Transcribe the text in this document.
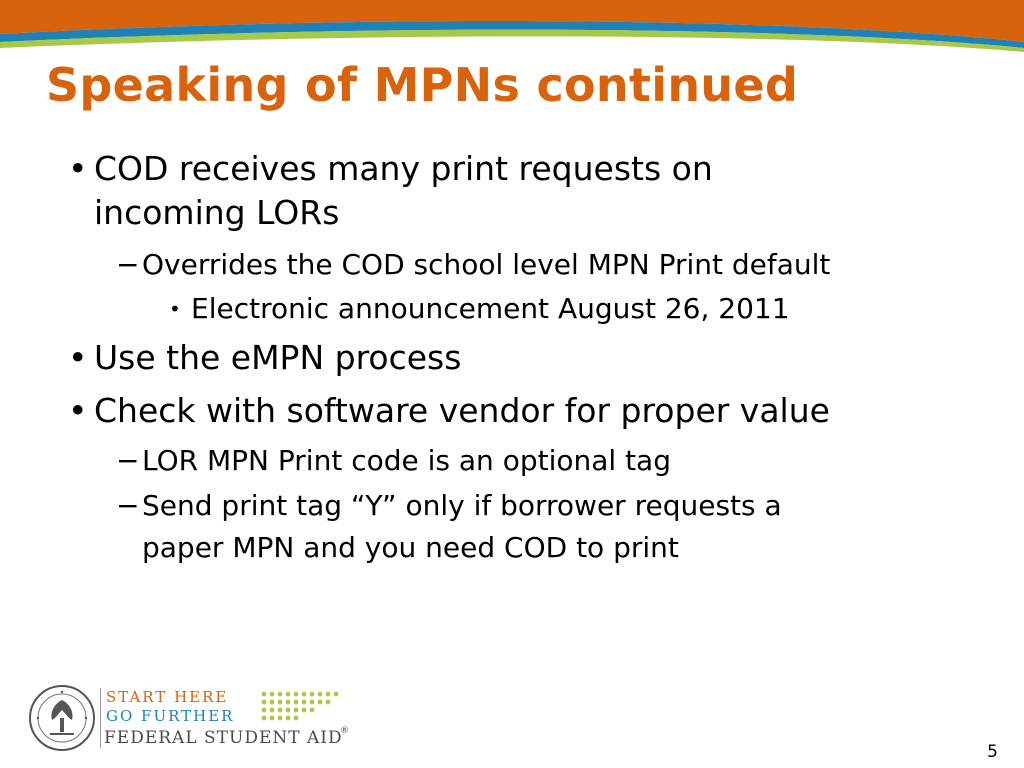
Speaking of MPNs continued
• COD receives many print requests on
incoming LORs
− Overrides the COD school level MPN Print default
• Electronic announcement August 26, 2011
• Use the eMPN process
• Check with software vendor for proper value
− LOR MPN Print code is an optional tag
− Send print tag “Y” only if borrower requests a
paper MPN and you need COD to print
START HERE
GO FURTHER
FEDERAL STUDENT AID
®
5
